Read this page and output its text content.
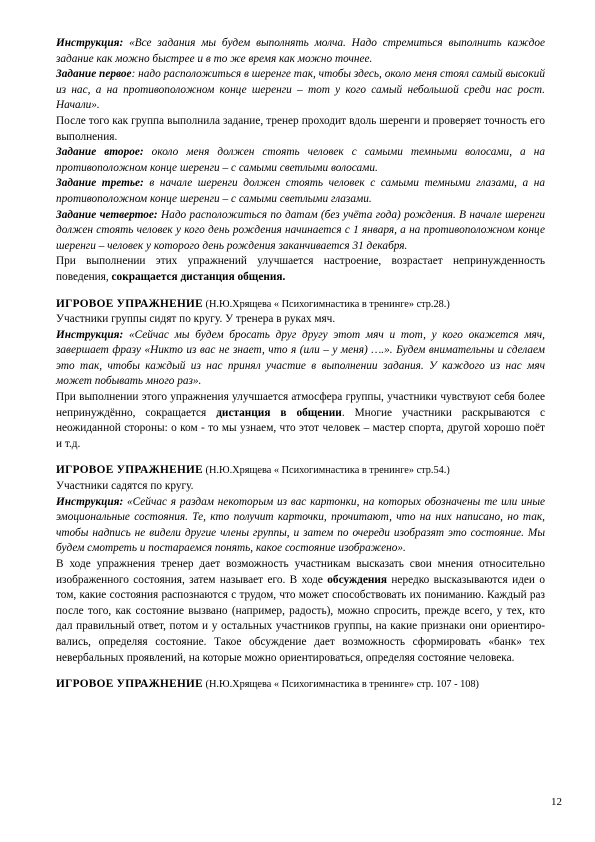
Инструкция: «Все задания мы будем выполнять молча. Надо стремиться выполнить каждое задание как можно быстрее и в то же время как можно точнее.

Задание первое: надо расположиться в шеренге так, чтобы здесь, около меня стоял самый высокий из нас, а на противоположном конце шеренги – тот у кого самый небольшой среди нас рост. Начали».

После того как группа выполнила задание, тренер проходит вдоль шеренги и проверяет точность его выполнения.

Задание второе: около меня должен стоять человек с самыми темными волосами, а на противоположном конце шеренги – с самыми светлыми волосами.

Задание третье: в начале шеренги должен стоять человек с самыми темными глазами, а на противоположном конце шеренги – с самыми светлыми глазами.

Задание четвертое: Надо расположиться по датам (без учёта года) рождения. В начале шеренги должен стоять человек у кого день рождения начинается с 1 января, а на противоположном конце шеренги – человек у которого день рождения заканчивается 31 декабря.

При выполнении этих упражнений улучшается настроение, возрастает непринужденность поведения, сокращается дистанция общения.

ИГРОВОЕ УПРАЖНЕНИЕ (Н.Ю.Хрящева « Психогимнастика в тренинге» стр.28.)

Участники группы сидят по кругу. У тренера в руках мяч.

Инструкция: «Сейчас мы будем бросать друг другу этот мяч и тот, у кого окажется мяч, завершает фразу «Никто из вас не знает, что я (или – у меня) ….». Будем внимательны и сделаем это так, чтобы каждый из нас принял участие в выполнении задания. У каждого из нас мяч может побывать много раз».

При выполнении этого упражнения улучшается атмосфера группы, участники чувствуют себя более непринуждённо, сокращается дистанция в общении. Многие участники раскрываются с неожиданной стороны: о ком - то мы узнаем, что этот человек – мастер спорта, другой хорошо поёт и т.д.

ИГРОВОЕ УПРАЖНЕНИЕ (Н.Ю.Хрящева « Психогимнастика в тренинге» стр.54.)

Участники садятся по кругу.

Инструкция: «Сейчас я раздам некоторым из вас картонки, на которых обозначены те или иные эмоциональные состояния. Те, кто получит карточки, прочитают, что на них написано, но так, чтобы надпись не видели другие члены группы, и затем по очереди изобразят это состояние. Мы будем смотреть и постараемся понять, какое состояние изображено».

В ходе упражнения тренер дает возможность участникам высказать свои мнения относительно изображенного состояния, затем называет его. В ходе обсуждения нередко высказываются идеи о том, какие состояния распознаются с трудом, что может способствовать их пониманию. Каждый раз после того, как состояние вызвано (например, радость), можно спросить, прежде всего, у тех, кто дал правильный ответ, потом и у остальных участников группы, на какие признаки они ориентиро-вались, определяя состояние. Такое обсуждение дает возможность сформировать «банк» тех невербальных проявлений, на которые можно ориентироваться, определяя состояние человека.

ИГРОВОЕ УПРАЖНЕНИЕ (Н.Ю.Хрящева « Психогимнастика в тренинге» стр. 107 - 108)

12
